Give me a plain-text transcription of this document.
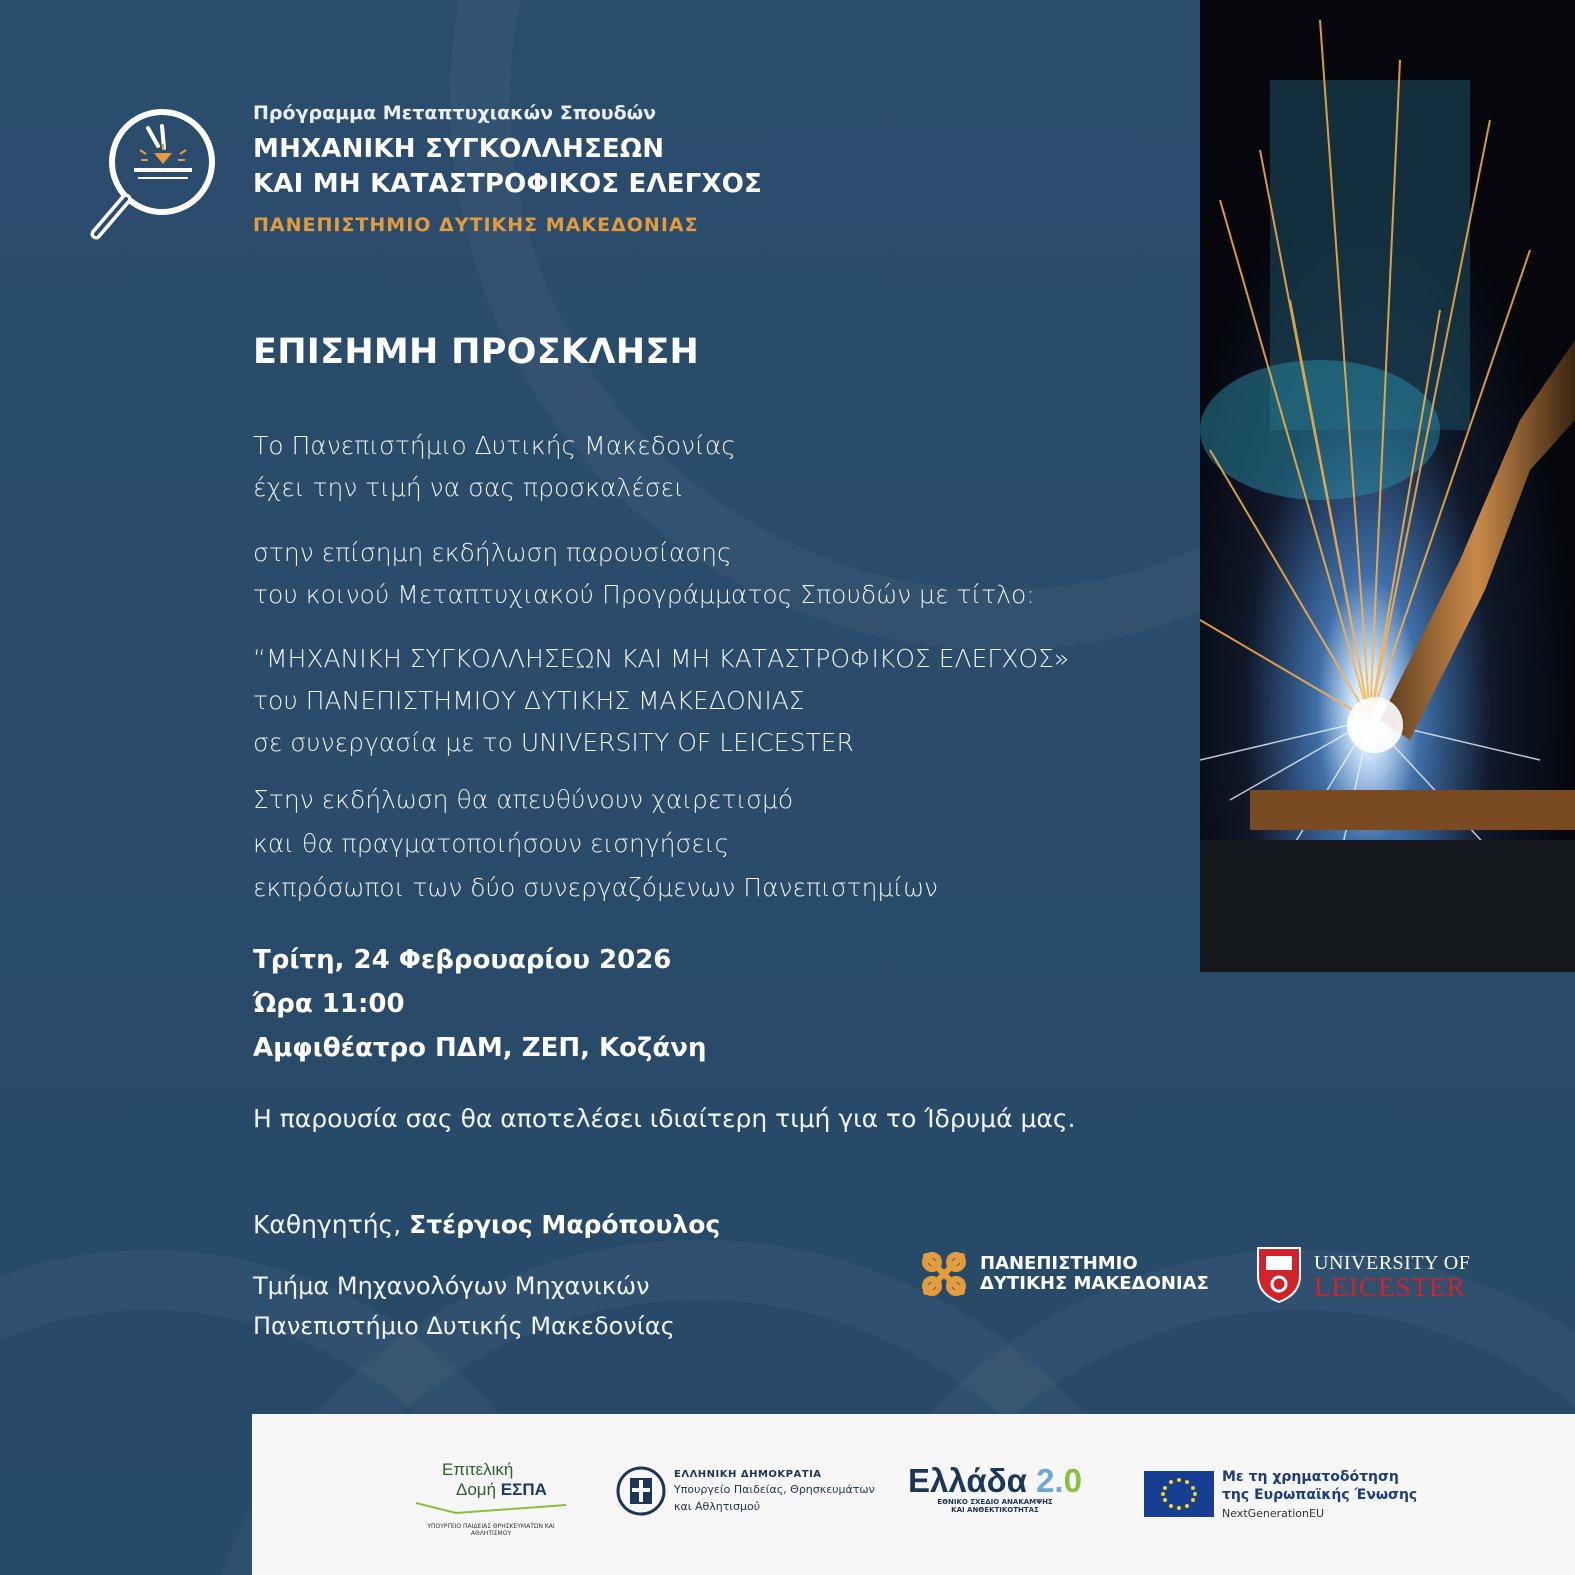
Πρόγραμμα Μεταπτυχιακών Σπουδών
ΜΗΧΑΝΙΚΗ ΣΥΓΚΟΛΛΗΣΕΩΝ
ΚΑΙ ΜΗ ΚΑΤΑΣΤΡΟΦΙΚΟΣ ΕΛΕΓΧΟΣ
ΠΑΝΕΠΙΣΤΗΜΙΟ ΔΥΤΙΚΗΣ ΜΑΚΕΔΟΝΙΑΣ
ΕΠΙΣΗΜΗ ΠΡΟΣΚΛΗΣΗ
Το Πανεπιστήμιο Δυτικής Μακεδονίας
έχει την τιμή να σας προσκαλέσει
στην επίσημη εκδήλωση παρουσίασης
του κοινού Μεταπτυχιακού Προγράμματος Σπουδών με τίτλο:
“ΜΗΧΑΝΙΚΗ ΣΥΓΚΟΛΛΗΣΕΩΝ ΚΑΙ ΜΗ ΚΑΤΑΣΤΡΟΦΙΚΟΣ ΕΛΕΓΧΟΣ»
του ΠΑΝΕΠΙΣΤΗΜΙΟΥ ΔΥΤΙΚΗΣ ΜΑΚΕΔΟΝΙΑΣ
σε συνεργασία με το UNIVERSITY OF LEICESTER
Στην εκδήλωση θα απευθύνουν χαιρετισμό
και θα πραγματοποιήσουν εισηγήσεις
εκπρόσωποι των δύο συνεργαζόμενων Πανεπιστημίων
Τρίτη, 24 Φεβρουαρίου 2026
Ώρα 11:00
Αμφιθέατρο ΠΔΜ, ΖΕΠ, Κοζάνη
Η παρουσία σας θα αποτελέσει ιδιαίτερη τιμή για το Ίδρυμά μας.
Καθηγητής, Στέργιος Μαρόπουλος
Τμήμα Μηχανολόγων Μηχανικών
Πανεπιστήμιο Δυτικής Μακεδονίας
ΠΑΝΕΠΙΣΤΗΜΙΟ
ΔΥΤΙΚΗΣ ΜΑΚΕΔΟΝΙΑΣ
UNIVERSITY OF
LEICESTER
Επιτελική
Δομή ΕΣΠΑ
ΥΠΟΥΡΓΕΙΟ ΠΑΙΔΕΙΑΣ ΘΡΗΣΚΕΥΜΑΤΩΝ ΚΑΙ ΑΘΛΗΤΙΣΜΟΥ
ΕΛΛΗΝΙΚΗ ΔΗΜΟΚΡΑΤΙΑ
Υπουργείο Παιδείας, Θρησκευμάτων
και Αθλητισμού
Ελλάδα 2.0
ΕΘΝΙΚΟ ΣΧΕΔΙΟ ΑΝΑΚΑΜΨΗΣ
ΚΑΙ ΑΝΘΕΚΤΙΚΟΤΗΤΑΣ
Με τη χρηματοδότηση
της Ευρωπαϊκής Ένωσης
NextGenerationEU
